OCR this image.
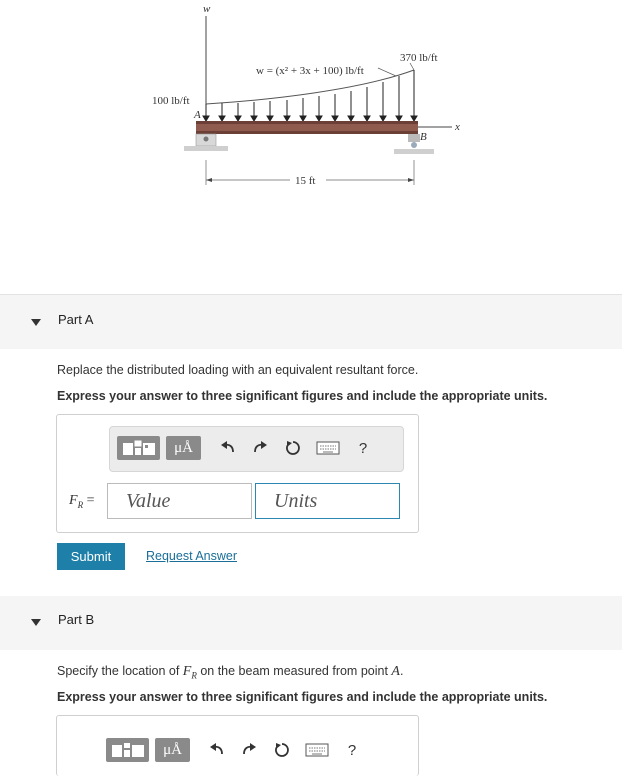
w
x
w = (x² + 3x + 100) lb/ft
370 lb/ft
100 lb/ft
A
B
15 ft
Part A
Replace the distributed loading with an equivalent resultant force.
Express your answer to three significant figures and include the appropriate units.
μÅ	?
$F_R$ =	Value	Units
Submit	Request Answer
Part B
Specify the location of $F_R$ on the beam measured from point A.
Express your answer to three significant figures and include the appropriate units.
μÅ	?
